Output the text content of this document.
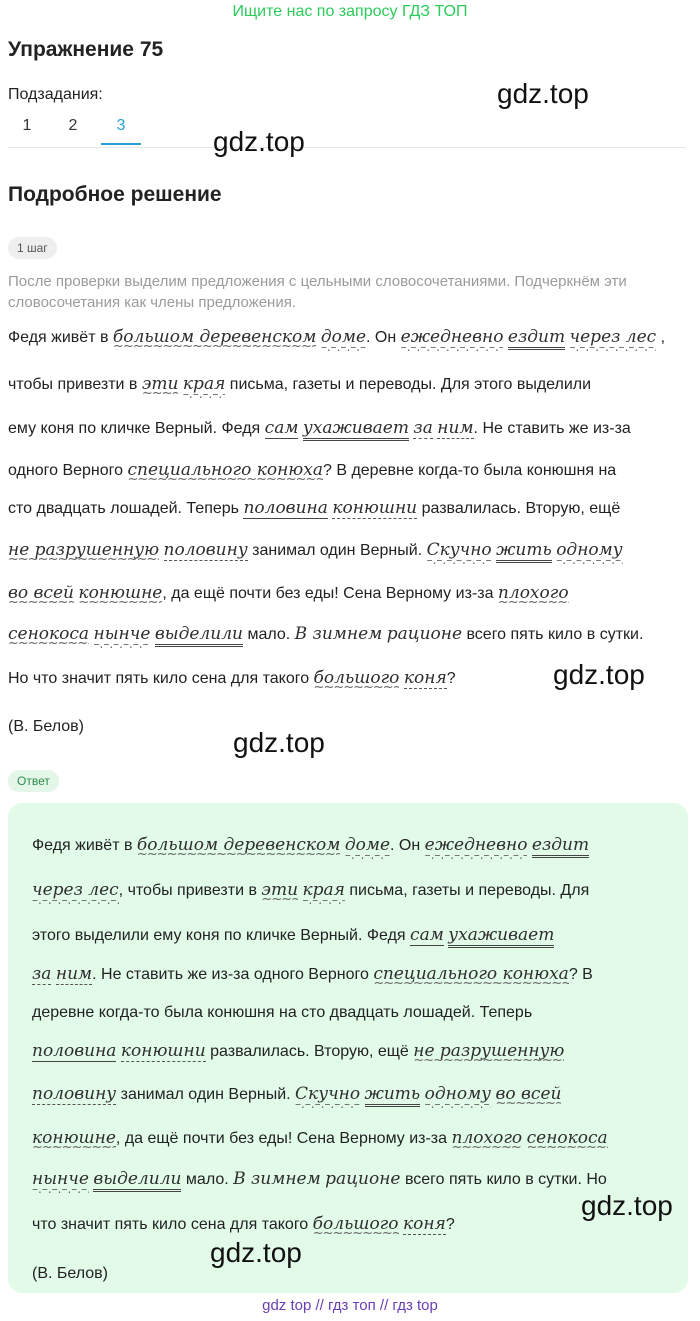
Ищите нас по запросу ГДЗ ТОП
Упражнение 75
Подзадания:
1	2	3
gdz.top
gdz.top
Подробное решение
1 шаг
После проверки выделим предложения с цельными словосочетаниями. Подчеркнём эти словосочетания как члены предложения.
Федя живёт в большом деревенском ~~~~~ доме –.–.–. Он ежедневно –.–.– ездит через лес –.–.– ,
чтобы привезти в эти ~~~~~ края –.–.– письма, газеты и переводы. Для этого выделили
ему коня по кличке Верный. Федя сам ухаживает за ним. Не ставить же из-за
одного Верного специального конюха ~~~~~? В деревне когда-то была конюшня на
сто двадцать лошадей. Теперь половина конюшни развалилась. Вторую, ещё
не разрушенную ~~~~~ половину занимал один Верный. Скучно –.–.– жить одному –.–.–
во всей ~~~~~ конюшне ~~~~~, да ещё почти без еды! Сена Верному из-за плохого ~~~~~
сенокоса ~~~~~ нынче –.–.– выделили мало. В зимнем рационе всего пять кило в сутки.
Но что значит пять кило сена для такого большого ~~~~~ коня?
(В. Белов)
gdz.top
gdz.top
Ответ
Федя живёт в большом деревенском ~~~~~ доме –.–.–. Он ежедневно –.–.– ездит
через лес –.–.–, чтобы привезти в эти ~~~~~ края –.–.– письма, газеты и переводы. Для
этого выделили ему коня по кличке Верный. Федя сам ухаживает
за ним. Не ставить же из-за одного Верного специального конюха ~~~~~? В
деревне когда-то была конюшня на сто двадцать лошадей. Теперь
половина конюшни развалилась. Вторую, ещё не разрушенную ~~~~~
половину занимал один Верный. Скучно –.–.– жить одному –.–.– во всей ~~~~~
конюшне ~~~~~, да ещё почти без еды! Сена Верному из-за плохого ~~~~~ сенокоса ~~~~~
нынче –.–.– выделили мало. В зимнем рационе всего пять кило в сутки. Но
что значит пять кило сена для такого большого ~~~~~ коня?
(В. Белов)
gdz.top
gdz.top
gdz top // гдз топ // гдз top
